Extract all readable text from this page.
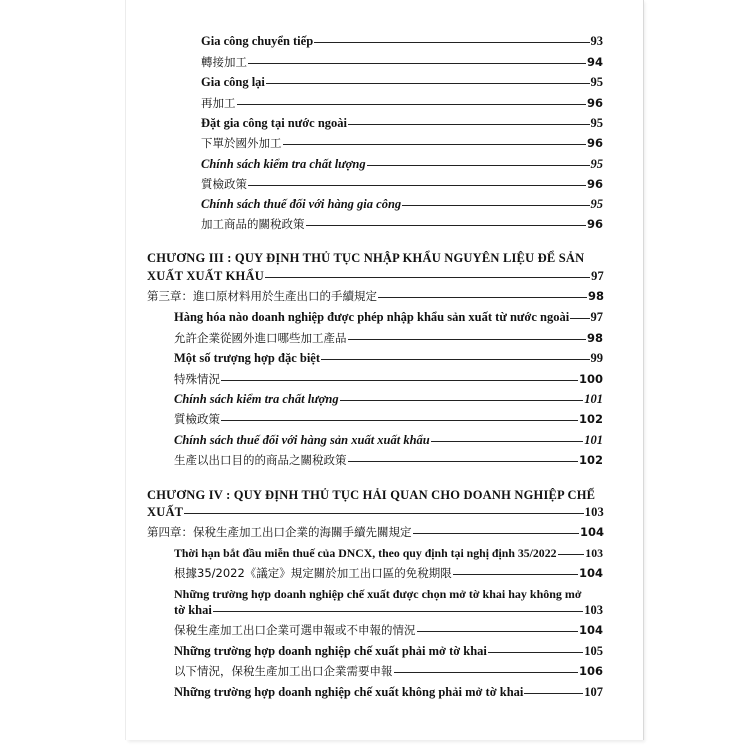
Gia công chuyển tiếp	93
轉接加工	94
Gia công lại	95
再加工	96
Đặt gia công tại nước ngoài	95
下單於國外加工	96
Chính sách kiểm tra chất lượng	95
質檢政策	96
Chính sách thuế đối với hàng gia công	95
加工商品的關稅政策	96
CHƯƠNG III : QUY ĐỊNH THỦ TỤC NHẬP KHẨU NGUYÊN LIỆU ĐỂ SẢN
XUẤT XUẤT KHẨU	97
第三章：進口原材料用於生產出口的手續規定	98
Hàng hóa nào doanh nghiệp được phép nhập khẩu sản xuất từ nước ngoài 97
允許企業從國外進口哪些加工產品	98
Một số trượng hợp đặc biệt	99
特殊情況	100
Chính sách kiểm tra chất lượng	101
質檢政策	102
Chính sách thuế đối với hàng sản xuất xuất khẩu	101
生產以出口目的的商品之關稅政策	102
CHƯƠNG IV : QUY ĐỊNH THỦ TỤC HẢI QUAN CHO DOANH NGHIỆP CHẾ
XUẤT	103
第四章：保稅生產加工出口企業的海關手續先關規定	104
Thời hạn bắt đầu miễn thuế của DNCX, theo quy định tại nghị định 35/2022 103
根據35/2022《議定》規定關於加工出口區的免稅期限	104
Những trường hợp doanh nghiệp chế xuất được chọn mở tờ khai hay không mở
tờ khai	103
保稅生產加工出口企業可選申報或不申報的情況	104
Những trường hợp doanh nghiệp chế xuất phải mở tờ khai	105
以下情況，保稅生產加工出口企業需要申報	106
Những trường hợp doanh nghiệp chế xuất không phải mở tờ khai	107
